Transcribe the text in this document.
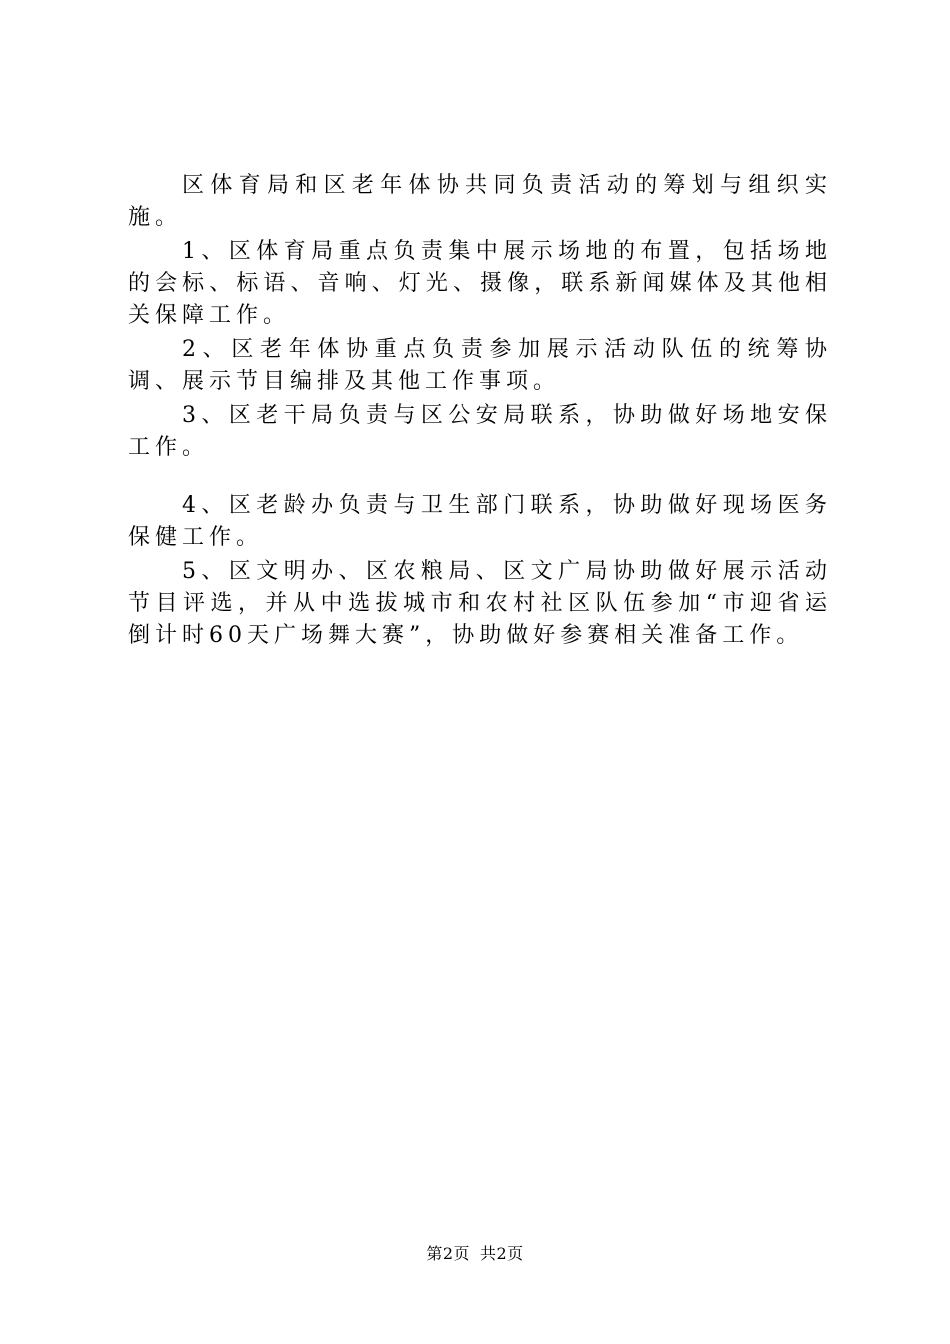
区体育局和区老年体协共同负责活动的筹划与组织实施。

1、区体育局重点负责集中展示场地的布置，包括场地的会标、标语、音响、灯光、摄像，联系新闻媒体及其他相关保障工作。

2、区老年体协重点负责参加展示活动队伍的统筹协调、展示节目编排及其他工作事项。

3、区老干局负责与区公安局联系，协助做好场地安保工作。

4、区老龄办负责与卫生部门联系，协助做好现场医务保健工作。

5、区文明办、区农粮局、区文广局协助做好展示活动节目评选，并从中选拔城市和农村社区队伍参加“市迎省运倒计时60天广场舞大赛”，协助做好参赛相关准备工作。

第2页 共2页
